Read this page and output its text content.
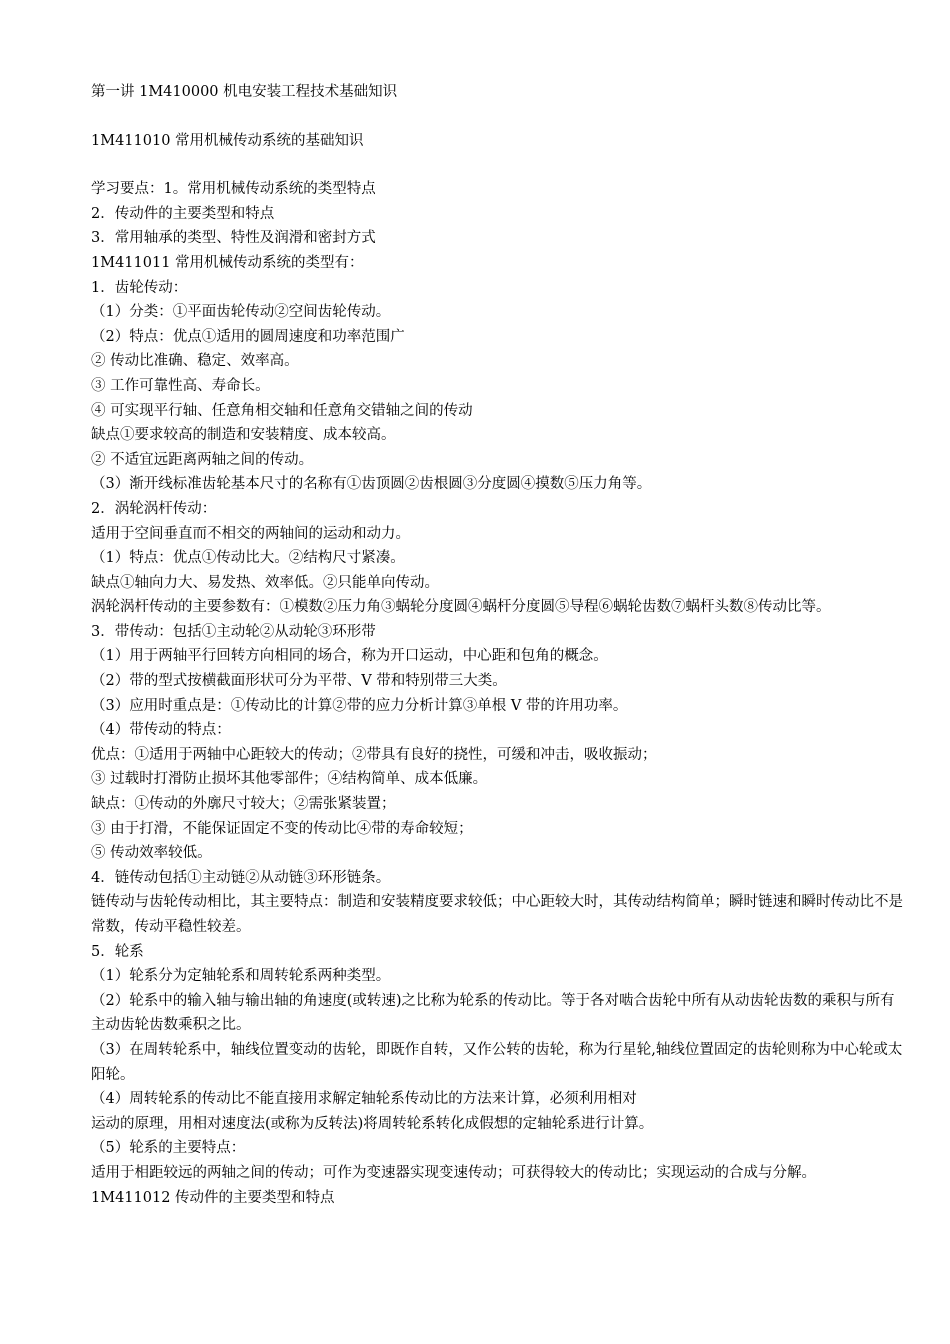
第一讲 1M410000 机电安装工程技术基础知识
1M411010 常用机械传动系统的基础知识
学习要点：1。常用机械传动系统的类型特点
2．传动件的主要类型和特点
3．常用轴承的类型、特性及润滑和密封方式
1M411011 常用机械传动系统的类型有：
1．齿轮传动：
（1）分类：①平面齿轮传动②空间齿轮传动。
（2）特点：优点①适用的圆周速度和功率范围广
② 传动比准确、稳定、效率高。
③ 工作可靠性高、寿命长。
④ 可实现平行轴、任意角相交轴和任意角交错轴之间的传动
缺点①要求较高的制造和安装精度、成本较高。
② 不适宜远距离两轴之间的传动。
（3）渐开线标准齿轮基本尺寸的名称有①齿顶圆②齿根圆③分度圆④摸数⑤压力角等。
2．涡轮涡杆传动：
适用于空间垂直而不相交的两轴间的运动和动力。
（1）特点：优点①传动比大。②结构尺寸紧凑。
缺点①轴向力大、易发热、效率低。②只能单向传动。
涡轮涡杆传动的主要参数有：①模数②压力角③蜗轮分度圆④蜗杆分度圆⑤导程⑥蜗轮齿数⑦蜗杆头数⑧传动比等。
3．带传动：包括①主动轮②从动轮③环形带
（1）用于两轴平行回转方向相同的场合，称为开口运动，中心距和包角的概念。
（2）带的型式按横截面形状可分为平带、V 带和特别带三大类。
（3）应用时重点是：①传动比的计算②带的应力分析计算③单根 V 带的许用功率。
（4）带传动的特点：
优点：①适用于两轴中心距较大的传动；②带具有良好的挠性，可缓和冲击，吸收振动；
③ 过载时打滑防止损坏其他零部件；④结构简单、成本低廉。
缺点：①传动的外廓尺寸较大；②需张紧装置；
③ 由于打滑，不能保证固定不变的传动比④带的寿命较短；
⑤ 传动效率较低。
4．链传动包括①主动链②从动链③环形链条。
链传动与齿轮传动相比，其主要特点：制造和安装精度要求较低；中心距较大时，其传动结构简单；瞬时链速和瞬时传动比不是常数，传动平稳性较差。
5．轮系
（1）轮系分为定轴轮系和周转轮系两种类型。
（2）轮系中的输入轴与输出轴的角速度(或转速)之比称为轮系的传动比。等于各对啮合齿轮中所有从动齿轮齿数的乘积与所有主动齿轮齿数乘积之比。
（3）在周转轮系中，轴线位置变动的齿轮，即既作自转，又作公转的齿轮，称为行星轮,轴线位置固定的齿轮则称为中心轮或太阳轮。
（4）周转轮系的传动比不能直接用求解定轴轮系传动比的方法来计算，必须利用相对
运动的原理，用相对速度法(或称为反转法)将周转轮系转化成假想的定轴轮系进行计算。
（5）轮系的主要特点：
适用于相距较远的两轴之间的传动；可作为变速器实现变速传动；可获得较大的传动比；实现运动的合成与分解。
1M411012 传动件的主要类型和特点
